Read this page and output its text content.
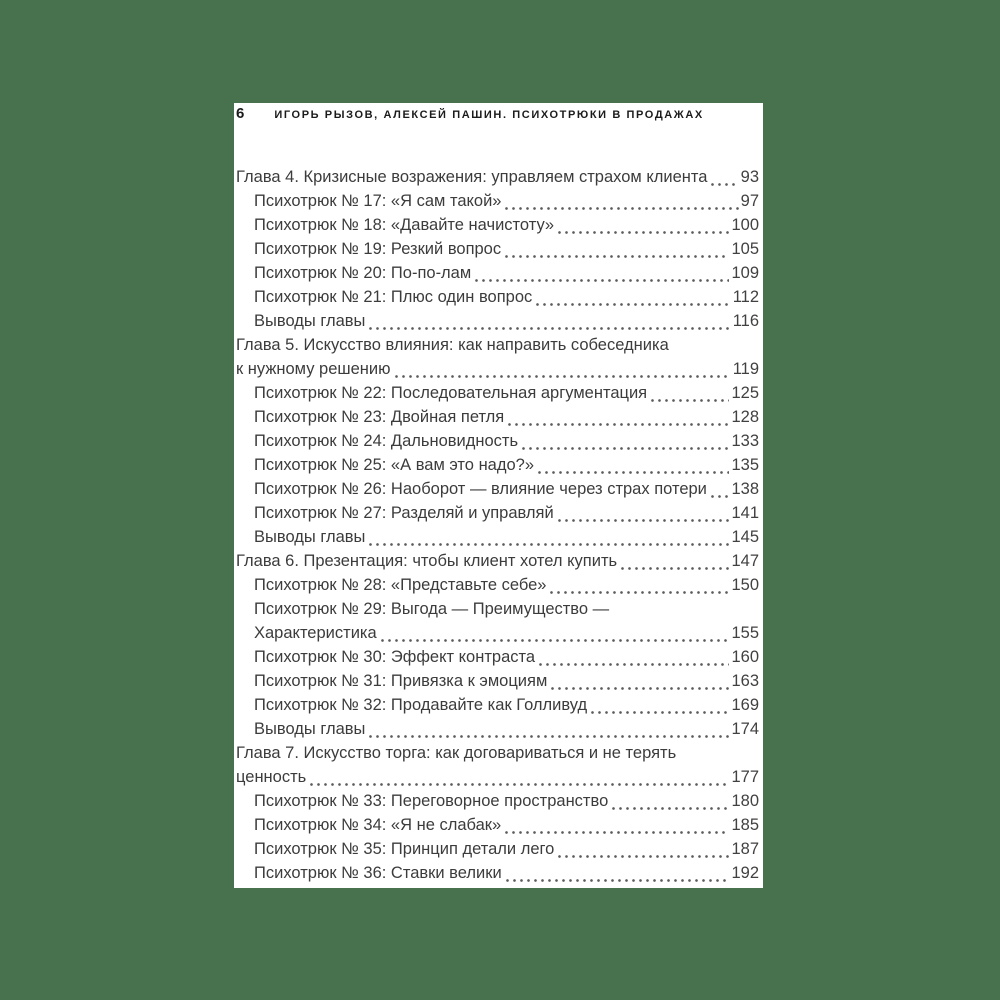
6	ИГОРЬ РЫЗОВ, АЛЕКСЕЙ ПАШИН. ПСИХОТРЮКИ В ПРОДАЖАХ
Глава 4. Кризисные возражения: управляем страхом клиента 93
Психотрюк № 17: «Я сам такой»	97
Психотрюк № 18: «Давайте начистоту»	100
Психотрюк № 19: Резкий вопрос	105
Психотрюк № 20: По-по-лам	109
Психотрюк № 21: Плюс один вопрос	112
Выводы главы	116
Глава 5. Искусство влияния: как направить собеседника
к нужному решению	119
Психотрюк № 22: Последовательная аргументация	125
Психотрюк № 23: Двойная петля	128
Психотрюк № 24: Дальновидность	133
Психотрюк № 25: «А вам это надо?»	135
Психотрюк № 26: Наоборот — влияние через страх потери 138
Психотрюк № 27: Разделяй и управляй	141
Выводы главы	145
Глава 6. Презентация: чтобы клиент хотел купить	147
Психотрюк № 28: «Представьте себе»	150
Психотрюк № 29: Выгода — Преимущество —
Характеристика	155
Психотрюк № 30: Эффект контраста	160
Психотрюк № 31: Привязка к эмоциям	163
Психотрюк № 32: Продавайте как Голливуд	169
Выводы главы	174
Глава 7. Искусство торга: как договариваться и не терять
ценность	177
Психотрюк № 33: Переговорное пространство	180
Психотрюк № 34: «Я не слабак»	185
Психотрюк № 35: Принцип детали лего	187
Психотрюк № 36: Ставки велики	192
